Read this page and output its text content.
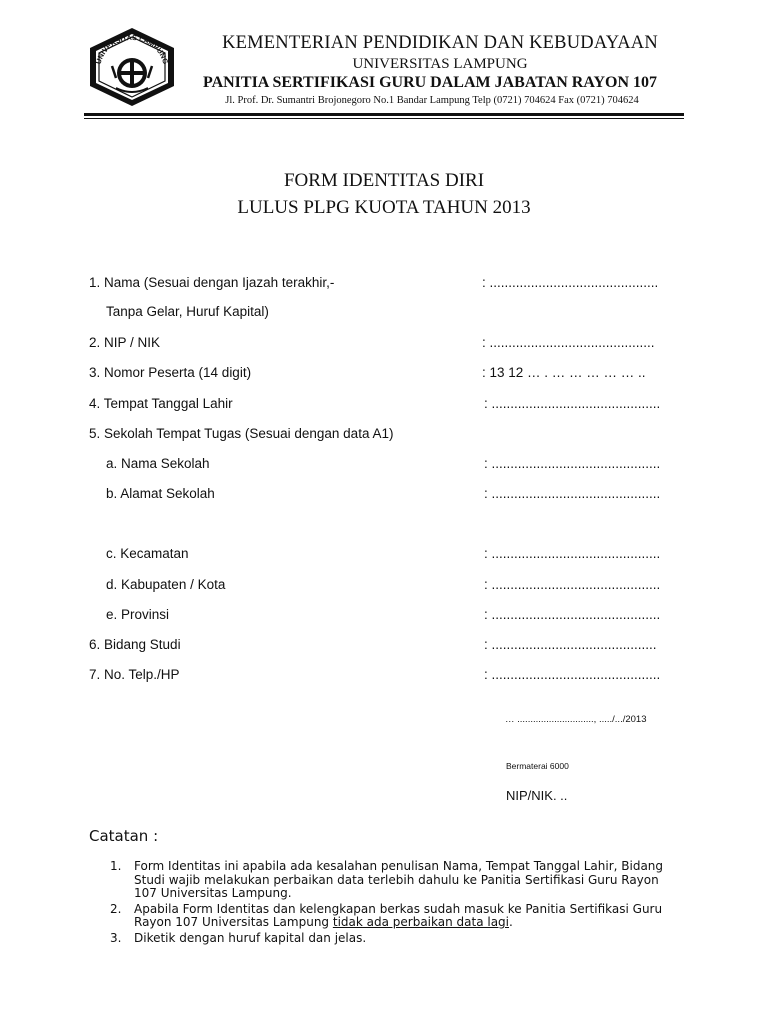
UNIVERSITAS LAMPUNG
KEMENTERIAN PENDIDIKAN DAN KEBUDAYAAN
UNIVERSITAS LAMPUNG
PANITIA SERTIFIKASI GURU DALAM JABATAN RAYON 107
Jl. Prof. Dr. Sumantri Brojonegoro No.1 Bandar Lampung Telp (0721) 704624 Fax (0721) 704624
FORM IDENTITAS DIRI
LULUS PLPG KUOTA TAHUN 2013
1. Nama (Sesuai dengan Ijazah terakhir,-	: .............................................
Tanpa Gelar, Huruf Kapital)
2. NIP / NIK	: ............................................
3. Nomor Peserta (14 digit)	: 13 12 … . … … … … … ..
4. Tempat Tanggal Lahir	: .............................................
5. Sekolah Tempat Tugas (Sesuai dengan data A1)
a. Nama Sekolah	: .............................................
b. Alamat Sekolah	: .............................................
c. Kecamatan	: .............................................
d. Kabupaten / Kota	: .............................................
e. Provinsi	: .............................................
6. Bidang Studi	: ............................................
7. No. Telp./HP	: .............................................
… ............................., ...../.../2013
Bermaterai 6000
NIP/NIK. ..
Catatan :
1. Form Identitas ini apabila ada kesalahan penulisan Nama, Tempat Tanggal Lahir, Bidang Studi wajib melakukan perbaikan data terlebih dahulu ke Panitia Sertifikasi Guru Rayon 107 Universitas Lampung.
2. Apabila Form Identitas dan kelengkapan berkas sudah masuk ke Panitia Sertifikasi Guru Rayon 107 Universitas Lampung tidak ada perbaikan data lagi.
3. Diketik dengan huruf kapital dan jelas.
